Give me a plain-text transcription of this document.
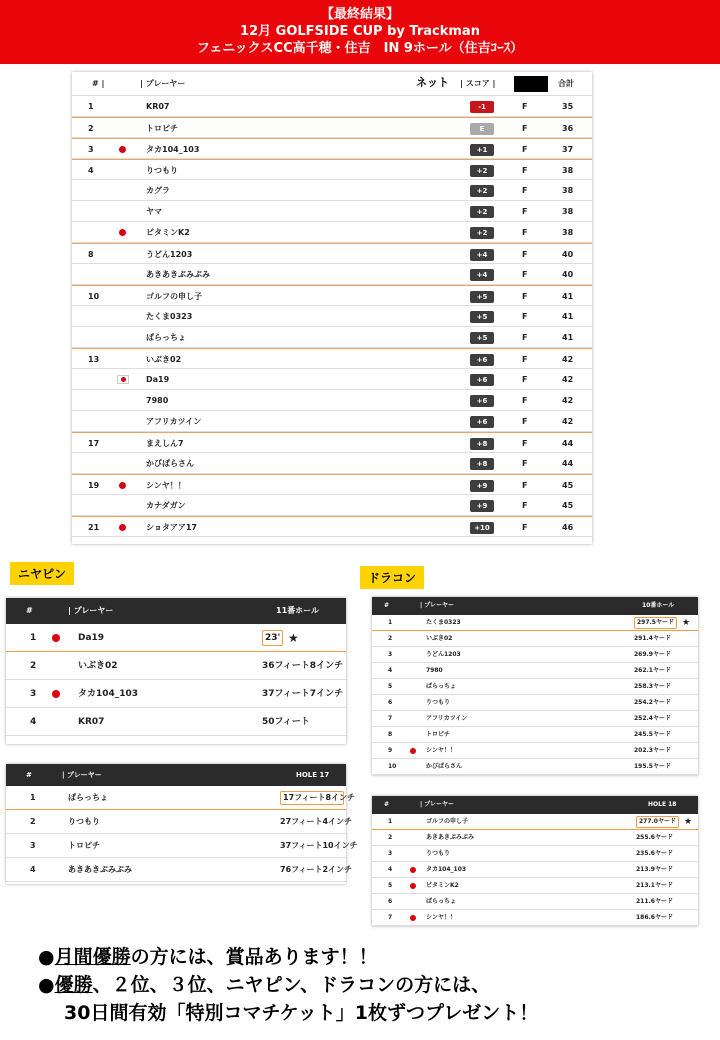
【最終結果】
12月 GOLFSIDE CUP by Trackman
フェニックスCC高千穂・住吉　IN 9ホール（住吉ｺｰｽ）
# |	| プレーヤー	ネット | スコア |	合計
1	KR07	-1	F	35
2	トロピチ	E	F	36
3	タカ104_103	+1	F	37
4	りつもり	+2	F	38
カグラ	+2	F	38
ヤマ	+2	F	38
ビタミンK2	+2	F	38
8	うどん1203	+4	F	40
あきあきぷみぷみ	+4	F	40
10	ゴルフの申し子	+5	F	41
たくま0323	+5	F	41
ぱらっちょ	+5	F	41
13	いぶき02	+6	F	42
Da19	+6	F	42
7980	+6	F	42
アフリカツイン	+6	F	42
17	まえしん7	+8	F	44
かびぱらさん	+8	F	44
19	シンヤ！！	+9	F	45
カナダガン	+9	F	45
21	ショタアア17	+10	F	46
ニヤピン	ドラコン
#	| プレーヤー	11番ホール
1	Da19	23' ★
2	いぶき02	36フィート8インチ
3	タカ104_103	37フィート7インチ
4	KR07	50フィート
#	| プレーヤー	HOLE 17
1	ぱらっちょ	17フィート8インチ
2	りつもり	27フィート4インチ
3	トロピチ	37フィート10インチ
4	あきあきぷみぷみ	76フィート2インチ
#	| プレーヤー	10番ホール
1	たくま0323	297.5ヤード ★
2	いぶき02	291.4ヤード
3	うどん1203	269.9ヤード
4	7980	262.1ヤード
5	ぱらっちょ	258.3ヤード
6	りつもり	254.2ヤード
7	アフリカツイン	252.4ヤード
8	トロピチ	245.5ヤード
9	シンヤ！！	202.3ヤード
10	かびぱらさん	195.5ヤード
#	| プレーヤー	HOLE 18
1	ゴルフの申し子	277.0ヤード ★
2	あきあきぷみぷみ	255.6ヤード
3	りつもり	235.6ヤード
4	タカ104_103	213.9ヤード
5	ビタミンK2	213.1ヤード
6	ぱらっちょ	211.6ヤード
7	シンヤ！！	186.6ヤード
●月間優勝の方には、賞品あります！！
●優勝、２位、３位、ニヤピン、ドラコンの方には、
30日間有効「特別コマチケット」1枚ずつプレゼント！
